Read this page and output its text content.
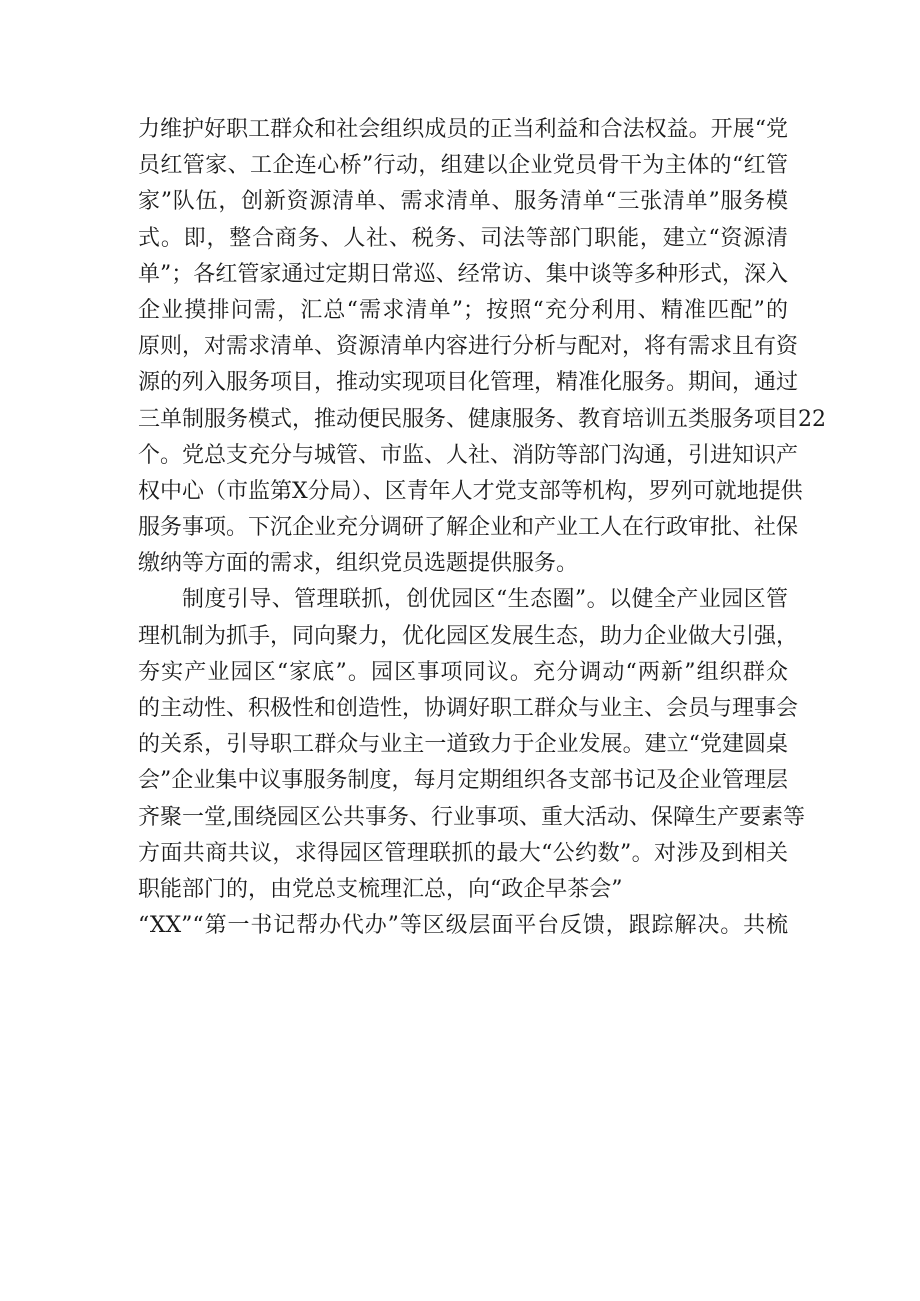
力维护好职工群众和社会组织成员的正当利益和合法权益。开展“党
员红管家、工企连心桥”行动，组建以企业党员骨干为主体的“红管
家”队伍，创新资源清单、需求清单、服务清单“三张清单”服务模
式。即，整合商务、人社、税务、司法等部门职能，建立“资源清
单”；各红管家通过定期日常巡、经常访、集中谈等多种形式，深入
企业摸排问需，汇总“需求清单”；按照“充分利用、精准匹配”的
原则，对需求清单、资源清单内容进行分析与配对，将有需求且有资
源的列入服务项目，推动实现项目化管理，精准化服务。期间，通过
三单制服务模式，推动便民服务、健康服务、教育培训五类服务项目22
个。党总支充分与城管、市监、人社、消防等部门沟通，引进知识产
权中心（市监第X分局）、区青年人才党支部等机构，罗列可就地提供
服务事项。下沉企业充分调研了解企业和产业工人在行政审批、社保
缴纳等方面的需求，组织党员选题提供服务。
制度引导、管理联抓，创优园区“生态圈”。以健全产业园区管
理机制为抓手，同向聚力，优化园区发展生态，助力企业做大引强，
夯实产业园区“家底”。园区事项同议。充分调动“两新”组织群众
的主动性、积极性和创造性，协调好职工群众与业主、会员与理事会
的关系，引导职工群众与业主一道致力于企业发展。建立“党建圆桌
会”企业集中议事服务制度，每月定期组织各支部书记及企业管理层
齐聚一堂,围绕园区公共事务、行业事项、重大活动、保障生产要素等
方面共商共议，求得园区管理联抓的最大“公约数”。对涉及到相关
职能部门的，由党总支梳理汇总，向“政企早茶会”
“XX”“第一书记帮办代办”等区级层面平台反馈，跟踪解决。共梳
